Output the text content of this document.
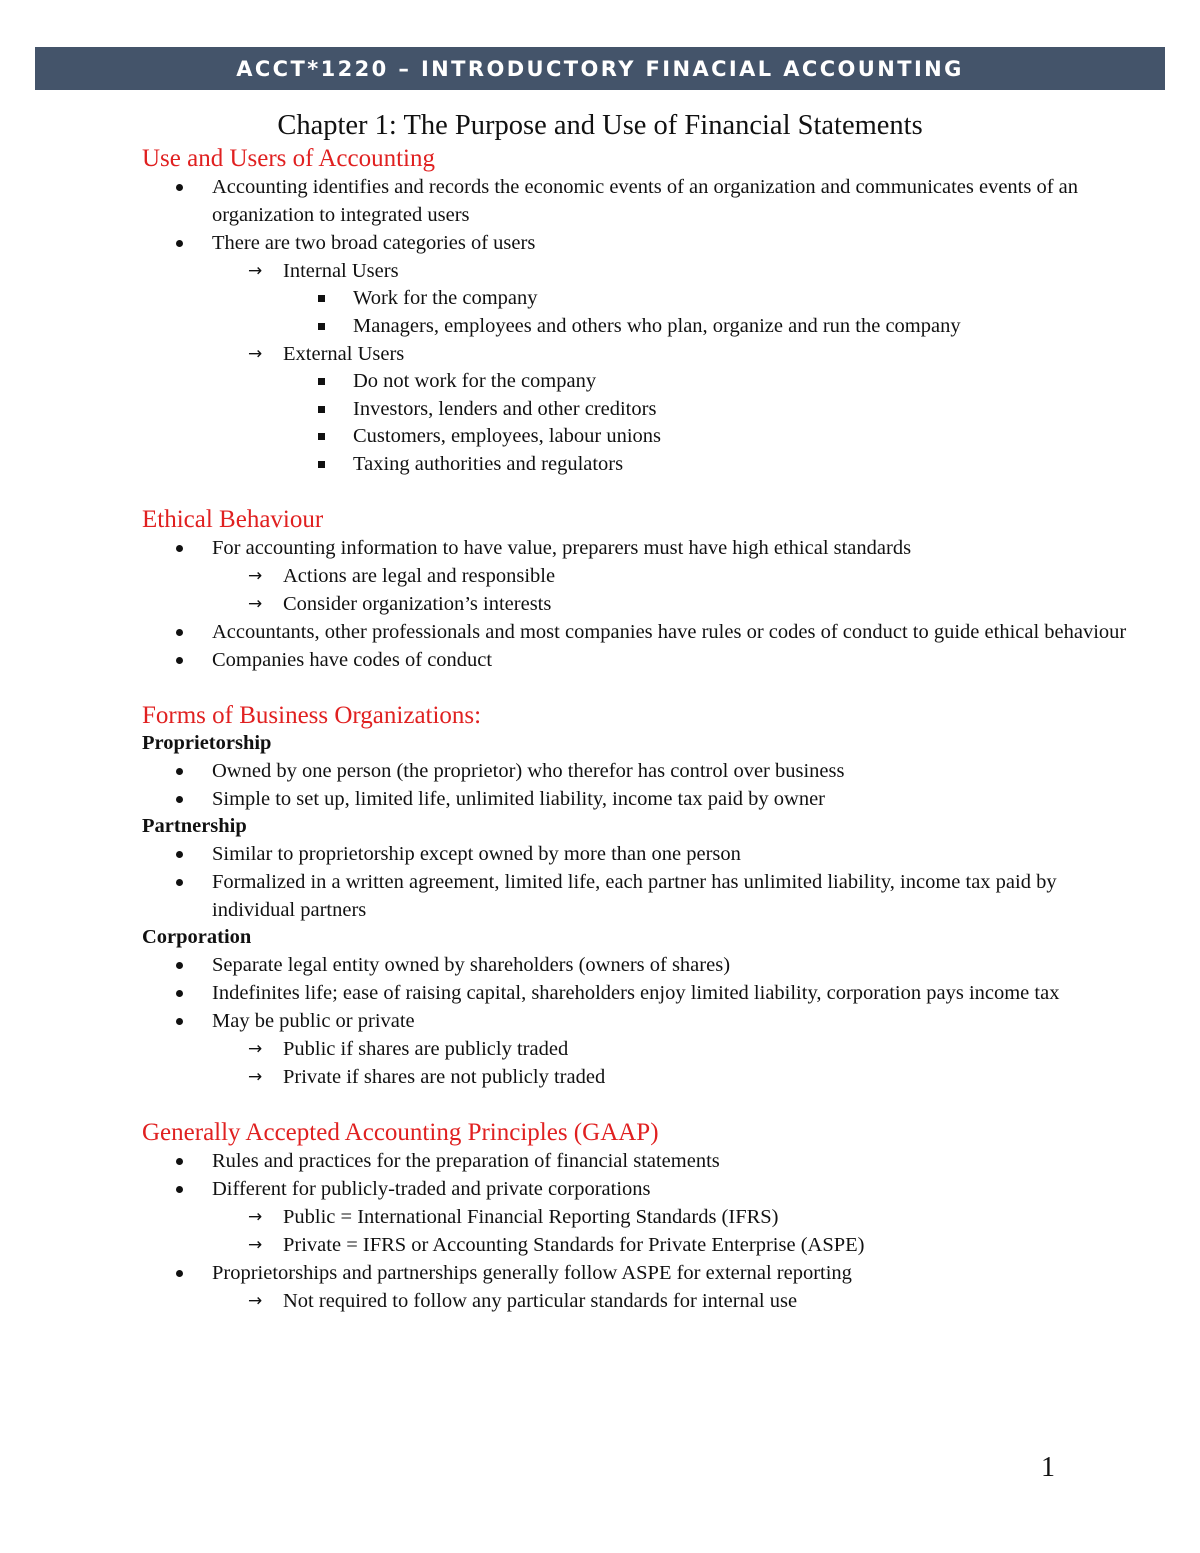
ACCT*1220 – INTRODUCTORY FINACIAL ACCOUNTING
Chapter 1: The Purpose and Use of Financial Statements
Use and Users of Accounting
Accounting identifies and records the economic events of an organization and communicates events of an organization to integrated users
There are two broad categories of users
→ Internal Users
Work for the company
Managers, employees and others who plan, organize and run the company
→ External Users
Do not work for the company
Investors, lenders and other creditors
Customers, employees, labour unions
Taxing authorities and regulators
Ethical Behaviour
For accounting information to have value, preparers must have high ethical standards
→ Actions are legal and responsible
→ Consider organization’s interests
Accountants, other professionals and most companies have rules or codes of conduct to guide ethical behaviour
Companies have codes of conduct
Forms of Business Organizations:
Proprietorship
Owned by one person (the proprietor) who therefor has control over business
Simple to set up, limited life, unlimited liability, income tax paid by owner
Partnership
Similar to proprietorship except owned by more than one person
Formalized in a written agreement, limited life, each partner has unlimited liability, income tax paid by individual partners
Corporation
Separate legal entity owned by shareholders (owners of shares)
Indefinites life; ease of raising capital, shareholders enjoy limited liability, corporation pays income tax
May be public or private
→ Public if shares are publicly traded
→ Private if shares are not publicly traded
Generally Accepted Accounting Principles (GAAP)
Rules and practices for the preparation of financial statements
Different for publicly-traded and private corporations
→ Public = International Financial Reporting Standards (IFRS)
→ Private = IFRS or Accounting Standards for Private Enterprise (ASPE)
Proprietorships and partnerships generally follow ASPE for external reporting
→ Not required to follow any particular standards for internal use
1
